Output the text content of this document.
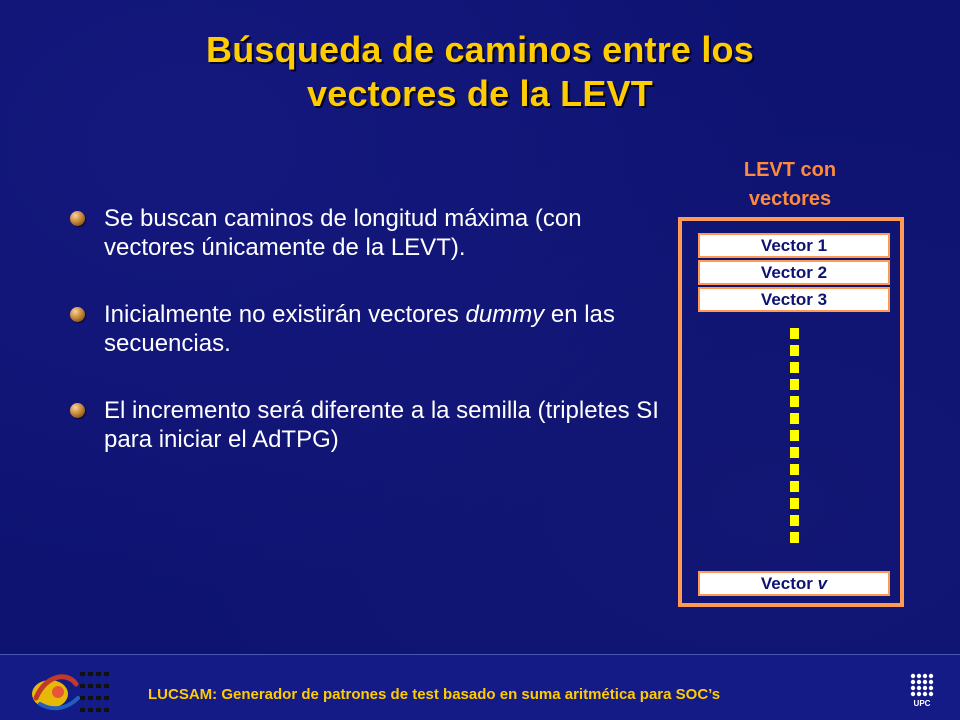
Búsqueda de caminos entre los
vectores de la LEVT
Se buscan caminos de longitud máxima (con vectores únicamente de la LEVT).
Inicialmente no existirán vectores dummy en las secuencias.
El incremento será diferente a la semilla (tripletes SI para iniciar el AdTPG)
LEVT con
vectores
Vector 1
Vector 2
Vector 3
Vector v
LUCSAM: Generador de patrones de test basado en suma aritmética para SOC’s
UPC
